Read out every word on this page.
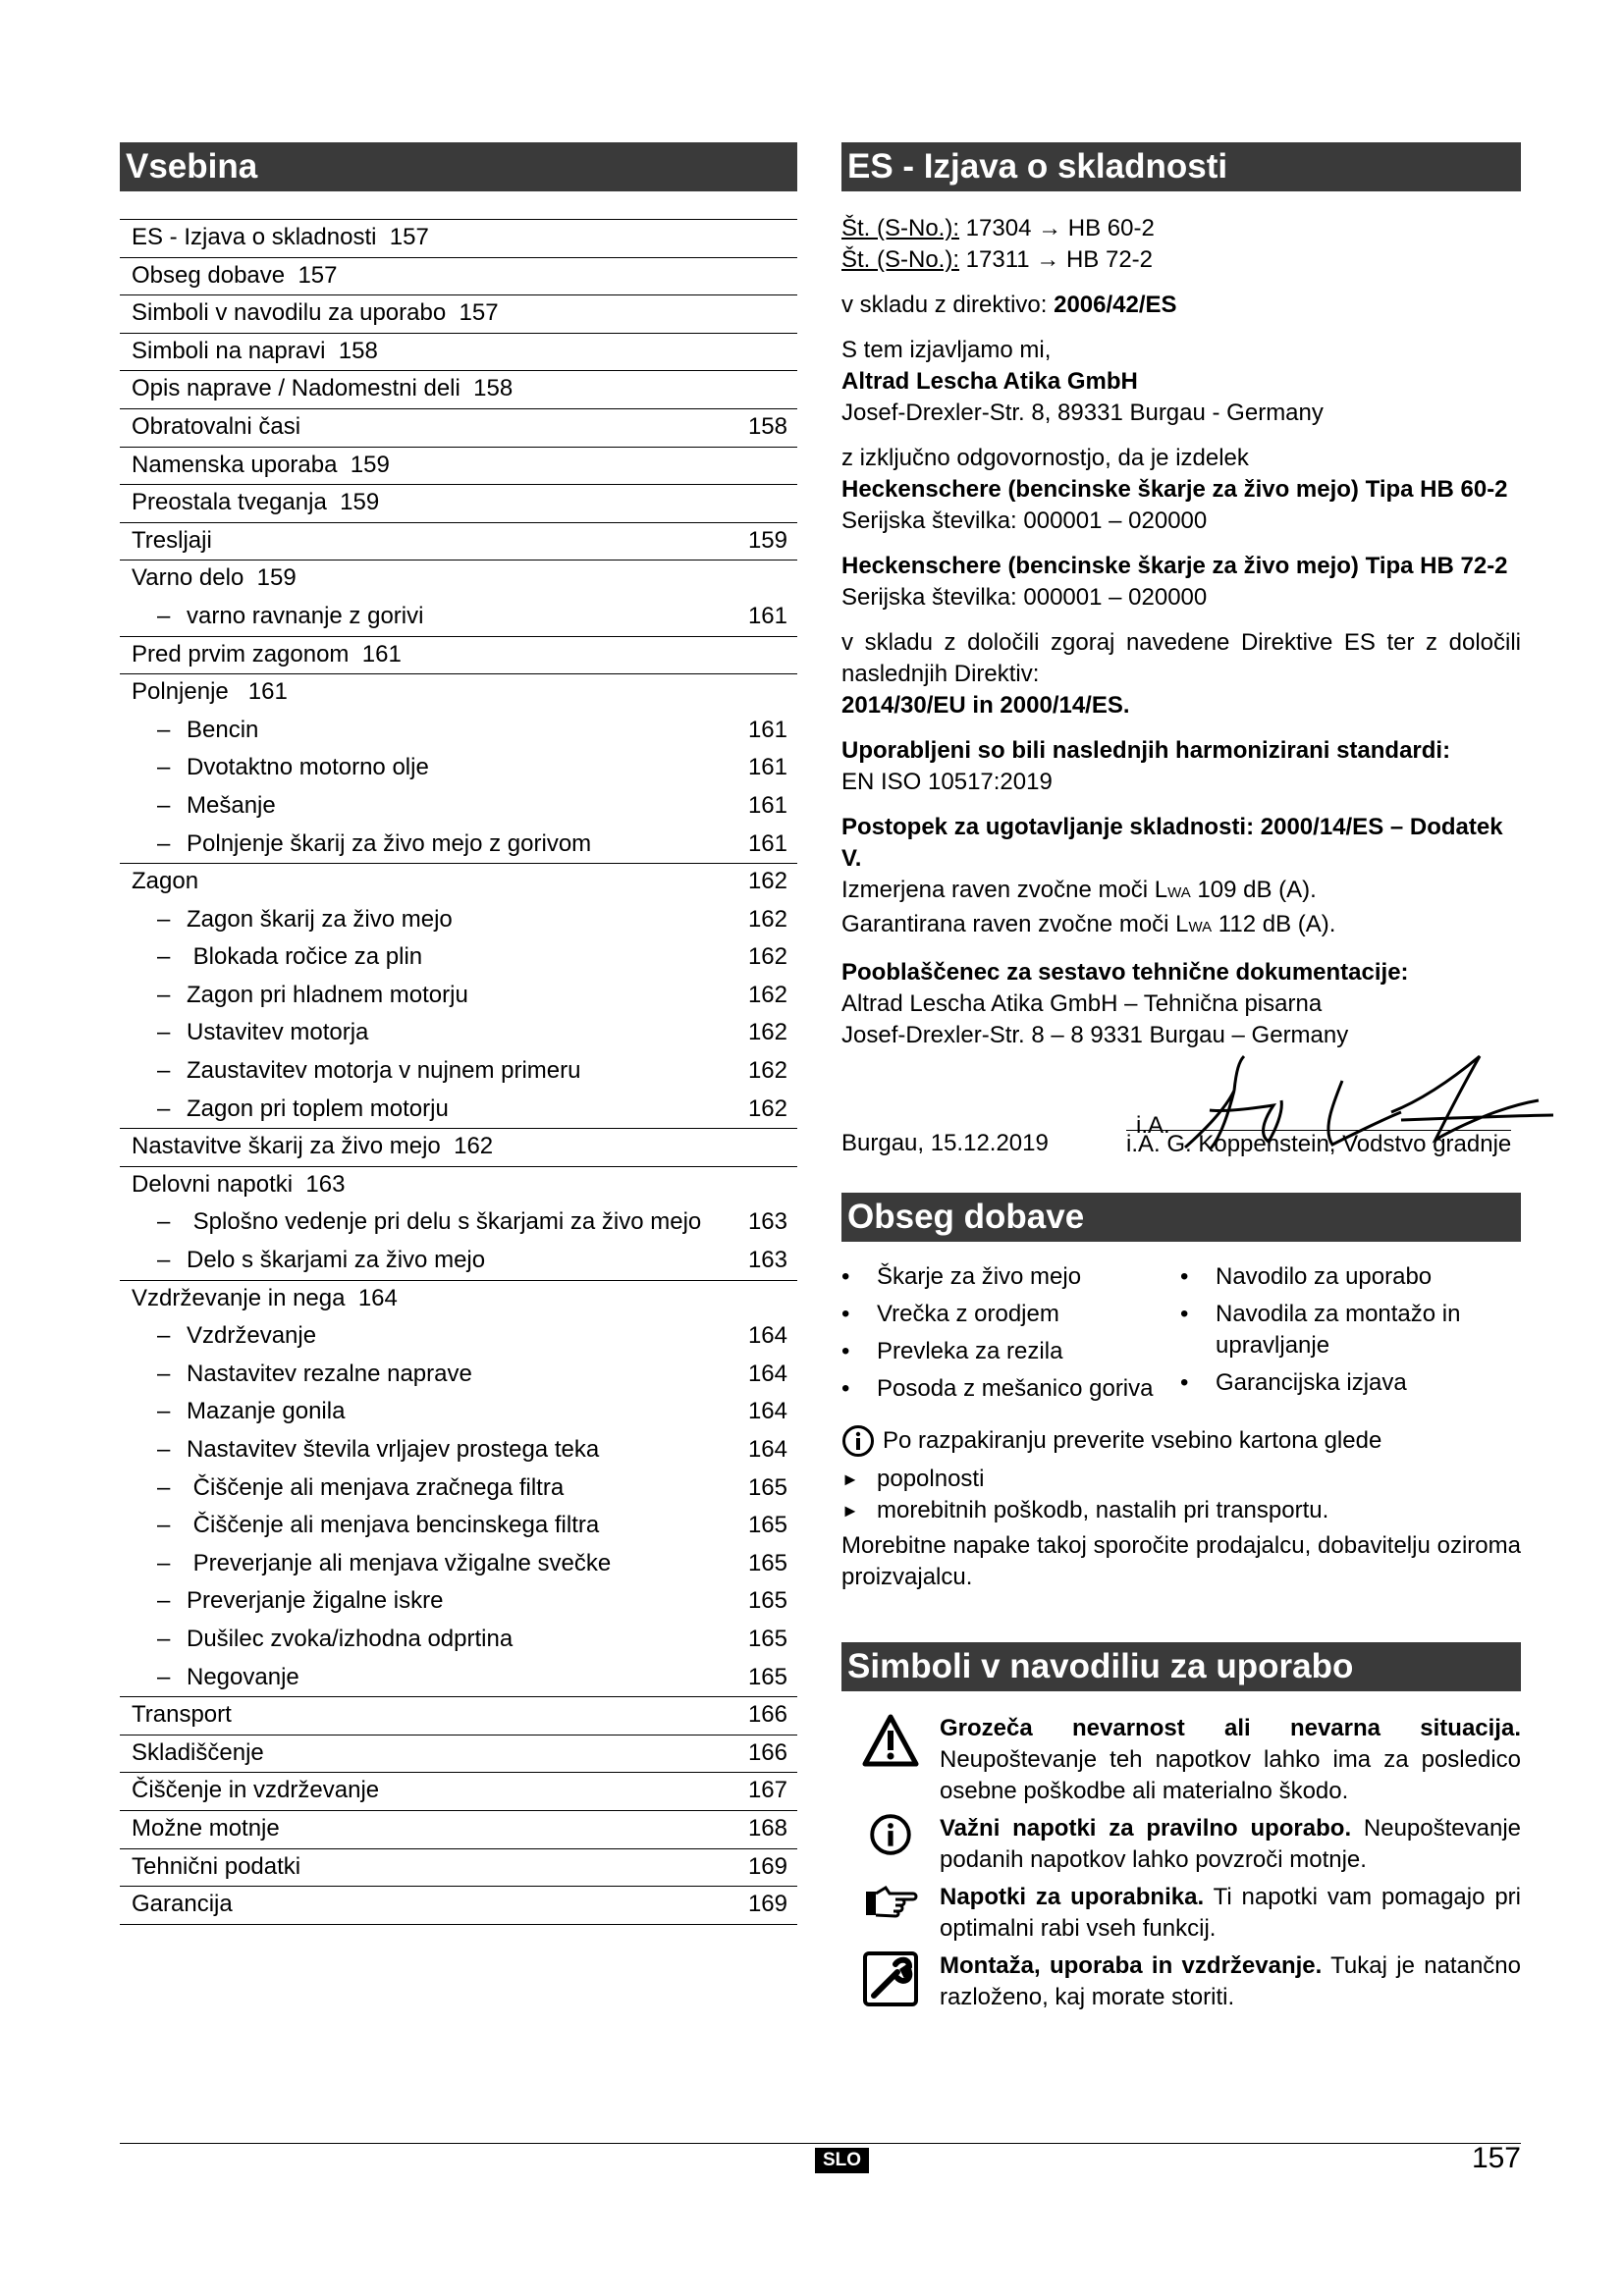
Vsebina
ES - Izjava o skladnosti  157
Obseg dobave  157
Simboli v navodilu za uporabo  157
Simboli na napravi  158
Opis naprave / Nadomestni deli  158
Obratovalni časi	158
Namenska uporaba  159
Preostala tveganja  159
Tresljaji	159
Varno delo  159
– varno ravnanje z gorivi	161
Pred prvim zagonom  161
Polnjenje   161
– Bencin	161
– Dvotaktno motorno olje	161
– Mešanje	161
– Polnjenje škarij za živo mejo z gorivom	161
Zagon	162
– Zagon škarij za živo mejo	162
– Blokada ročice za plin	162
– Zagon pri hladnem motorju	162
– Ustavitev motorja	162
– Zaustavitev motorja v nujnem primeru	162
– Zagon pri toplem motorju	162
Nastavitve škarij za živo mejo  162
Delovni napotki  163
– Splošno vedenje pri delu s škarjami za živo mejo 163
– Delo s škarjami za živo mejo	163
Vzdrževanje in nega  164
– Vzdrževanje	164
– Nastavitev rezalne naprave	164
– Mazanje gonila	164
– Nastavitev števila vrljajev prostega teka	164
– Čiščenje ali menjava zračnega filtra	165
– Čiščenje ali menjava bencinskega filtra	165
– Preverjanje ali menjava vžigalne svečke	165
– Preverjanje žigalne iskre	165
– Dušilec zvoka/izhodna odprtina	165
– Negovanje	165
Transport	166
Skladiščenje	166
Čiščenje in vzdrževanje	167
Možne motnje	168
Tehnični podatki	169
Garancija	169
ES - Izjava o skladnosti

Št. (S-No.): 17304 → HB 60-2

Št. (S-No.): 17311 → HB 72-2

v skladu z direktivo: 2006/42/ES

S tem izjavljamo mi,

Altrad Lescha Atika GmbH

Josef-Drexler-Str. 8, 89331 Burgau - Germany

z izključno odgovornostjo, da je izdelek

Heckenschere (bencinske škarje za živo mejo) Tipa HB 60-2

Serijska številka: 000001 – 020000

Heckenschere (bencinske škarje za živo mejo) Tipa HB 72-2

Serijska številka: 000001 – 020000

v skladu z določili zgoraj navedene Direktive ES ter z določili naslednjih Direktiv:

2014/30/EU in 2000/14/ES.

Uporabljeni so bili naslednjih harmonizirani standardi:

EN ISO 10517:2019

Postopek za ugotavljanje skladnosti: 2000/14/ES – Dodatek V.

Izmerjena raven zvočne moči LWA 109 dB (A).

Garantirana raven zvočne moči LWA 112 dB (A).

Pooblaščenec za sestavo tehnične dokumentacije:

Altrad Lescha Atika GmbH – Tehnična pisarna

Josef-Drexler-Str. 8 – 8 9331 Burgau – Germany

i.A.
Burgau, 15.12.2019	i.A. G. Koppenstein, Vodstvo gradnje
Obseg dobave
•	Škarje za živo mejo
•	Vrečka z orodjem
•	Prevleka za rezila
•	Posoda z mešanico goriva
•	Navodilo za uporabo
•	Navodila za montažo in upravljanje
•	Garancijska izjava
Po razpakiranju preverite vsebino kartona glede
► popolnosti
► morebitnih poškodb, nastalih pri transportu.

Morebitne napake takoj sporočite prodajalcu, dobavitelju oziroma proizvajalcu.

Simboli v navodiliu za uporabo
Grozeča nevarnost ali nevarna situacija. Neupoštevanje teh napotkov lahko ima za posledico osebne poškodbe ali materialno škodo.
Važni napotki za pravilno uporabo. Neupoštevanje podanih napotkov lahko povzroči motnje.
Napotki za uporabnika. Ti napotki vam pomagajo pri optimalni rabi vseh funkcij.
Montaža, uporaba in vzdrževanje. Tukaj je natančno razloženo, kaj morate storiti.
SLO	157
